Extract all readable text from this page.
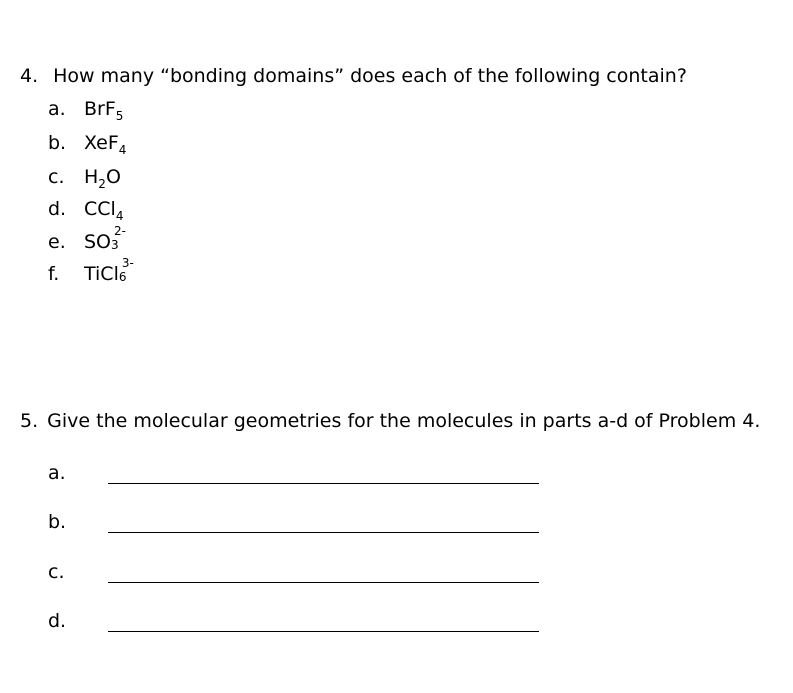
4. How many “bonding domains” does each of the following contain?
a. BrF$_5$
b. XeF$_4$
c. $H_2O$
d. CCl$_4$
e. SO 3
2-
f. TiCl 6
3-
5. Give the molecular geometries for the molecules in parts a-d of Problem 4.
a.
b.
c.
d.
